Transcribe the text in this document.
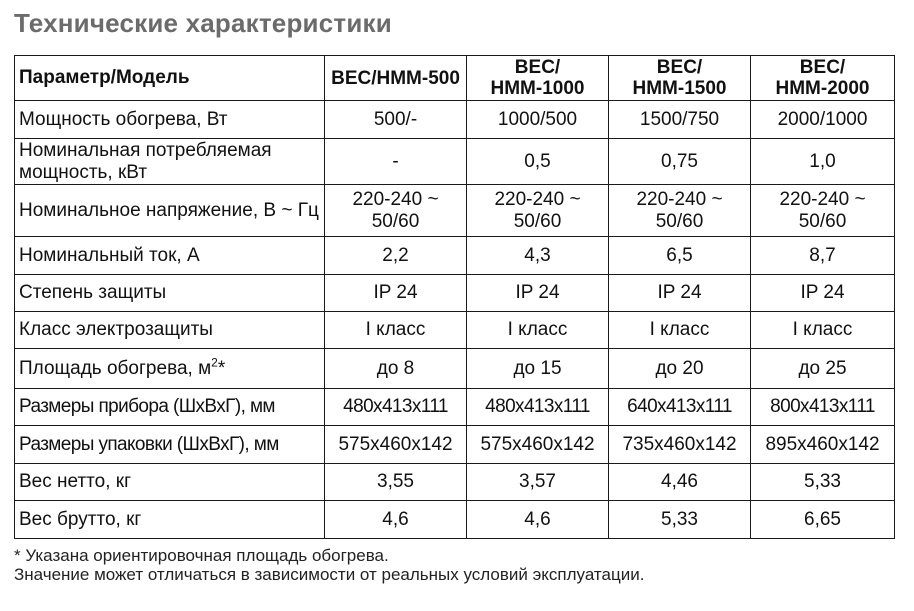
Технические характеристики
Параметр/Модель	ВЕС/НММ-500	ВЕС/НММ-1000	ВЕС/НММ-1500	ВЕС/НММ-2000
Мощность обогрева, Вт	500/-	1000/500	1500/750	2000/1000
Номинальная потребляемая мощность, кВт	-	0,5	0,75	1,0
Номинальное напряжение, В ~ Гц	220-240 ~ 50/60	220-240 ~ 50/60	220-240 ~ 50/60	220-240 ~ 50/60
Номинальный ток, А	2,2	4,3	6,5	8,7
Степень защиты	IP 24	IP 24	IP 24	IP 24
Класс электрозащиты	I класс	I класс	I класс	I класс
Площадь обогрева, $м^2*$	до 8	до 15	до 20	до 25
Размеры прибора (ШхВхГ), мм	480x413x111	480x413x111	640x413x111	800x413x111
Размеры упаковки (ШхВхГ), мм	575x460x142	575x460x142	735x460x142	895x460x142
Вес нетто, кг	3,55	3,57	4,46	5,33
Вес брутто, кг	4,6	4,6	5,33	6,65
* Указана ориентировочная площадь обогрева.
Значение может отличаться в зависимости от реальных условий эксплуатации.
